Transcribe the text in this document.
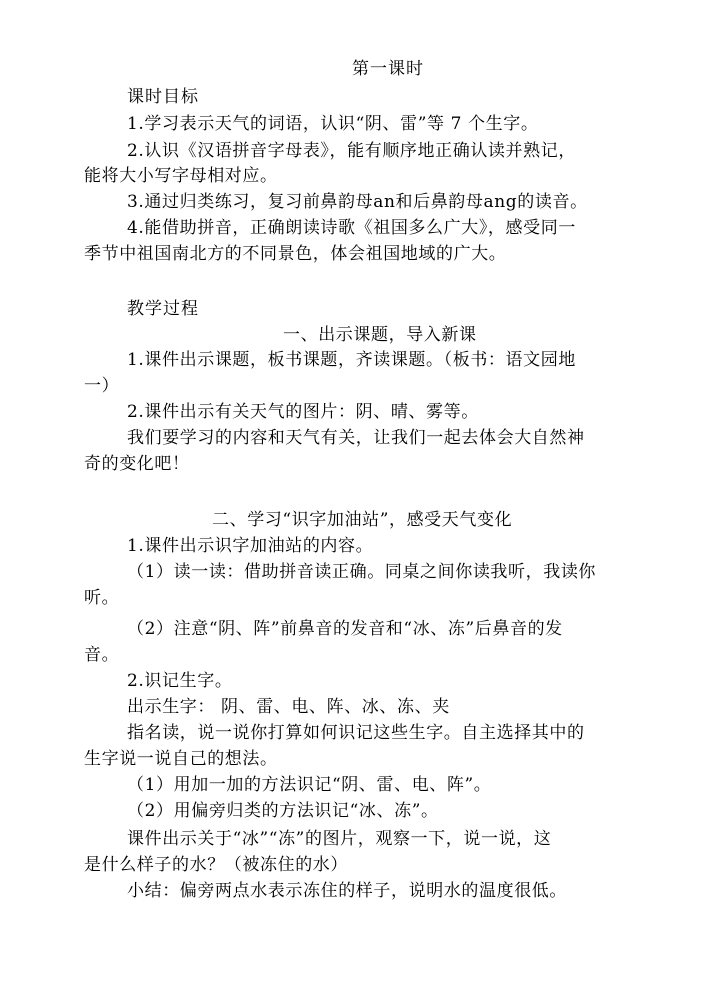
第一课时
课时目标
1.学习表示天气的词语，认识“阴、雷”等 7 个生字。
2.认识《汉语拼音字母表》，能有顺序地正确认读并熟记，
能将大小写字母相对应。
3.通过归类练习，复习前鼻韵母an和后鼻韵母ang的读音。
4.能借助拼音，正确朗读诗歌《祖国多么广大》，感受同一
季节中祖国南北方的不同景色，体会祖国地域的广大。
教学过程
一、出示课题，导入新课
1.课件出示课题，板书课题，齐读课题。（板书：语文园地
一）
2.课件出示有关天气的图片：阴、晴、雾等。
我们要学习的内容和天气有关，让我们一起去体会大自然神
奇的变化吧！
二、学习“识字加油站”，感受天气变化
1.课件出示识字加油站的内容。
（1）读一读：借助拼音读正确。同桌之间你读我听，我读你
听。
（2）注意“阴、阵”前鼻音的发音和“冰、冻”后鼻音的发
音。
2.识记生字。
出示生字： 阴、雷、电、阵、冰、冻、夹
指名读，说一说你打算如何识记这些生字。自主选择其中的
生字说一说自己的想法。
（1）用加一加的方法识记“阴、雷、电、阵”。
（2）用偏旁归类的方法识记“冰、冻”。
课件出示关于“冰”“冻”的图片，观察一下，说一说，这
是什么样子的水？（被冻住的水）
小结：偏旁两点水表示冻住的样子，说明水的温度很低。
